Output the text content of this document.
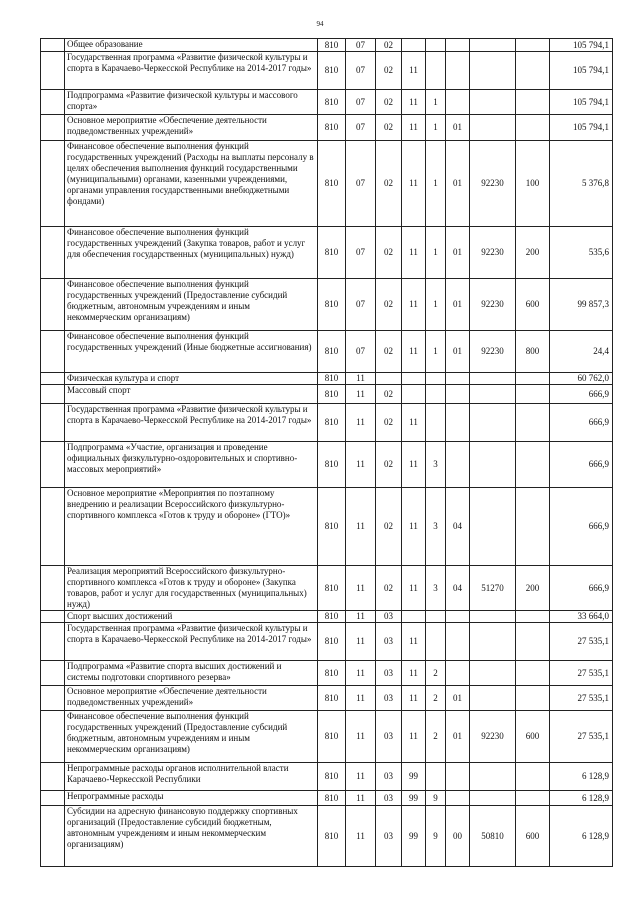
94
	Общее образование	810	07	02						105 794,1
	Государственная программа «Развитие физической культуры и спорта в Карачаево-Черкесской Республике на 2014-2017 годы»	810	07	02	11					105 794,1
	Подпрограмма «Развитие физической культуры и массового спорта»	810	07	02	11	1				105 794,1
	Основное мероприятие «Обеспечение деятельности подведомственных учреждений»	810	07	02	11	1	01			105 794,1
	Финансовое обеспечение выполнения функций государственных учреждений (Расходы на выплаты персоналу в целях обеспечения выполнения функций государственными (муниципальными) органами, казенными учреждениями, органами управления государственными внебюджетными фондами)	810	07	02	11	1	01	92230	100	5 376,8
	Финансовое обеспечение выполнения функций государственных учреждений (Закупка товаров, работ и услуг для обеспечения государственных (муниципальных) нужд)	810	07	02	11	1	01	92230	200	535,6
	Финансовое обеспечение выполнения функций государственных учреждений (Предоставление субсидий бюджетным, автономным учреждениям и иным некоммерческим организациям)	810	07	02	11	1	01	92230	600	99 857,3
	Финансовое обеспечение выполнения функций государственных учреждений (Иные бюджетные ассигнования)	810	07	02	11	1	01	92230	800	24,4
	Физическая культура и спорт	810	11							60 762,0
	Массовый спорт	810	11	02						666,9
	Государственная программа «Развитие физической культуры и спорта в Карачаево-Черкесской Республике на 2014-2017 годы»	810	11	02	11					666,9
	Подпрограмма «Участие, организация и проведение официальных физкультурно-оздоровительных и спортивно-массовых мероприятий»	810	11	02	11	3				666,9
	Основное мероприятие «Мероприятия по поэтапному внедрению и реализации Всероссийского физкультурно-спортивного комплекса «Готов к труду и обороне» (ГТО)»	810	11	02	11	3	04			666,9
	Реализация мероприятий Всероссийского физкультурно-спортивного комплекса «Готов к труду и обороне» (Закупка товаров, работ и услуг для государственных (муниципальных) нужд)	810	11	02	11	3	04	51270	200	666,9
	Спорт высших достижений	810	11	03						33 664,0
	Государственная программа «Развитие физической культуры и спорта в Карачаево-Черкесской Республике на 2014-2017 годы»	810	11	03	11					27 535,1
	Подпрограмма «Развитие спорта высших достижений и системы подготовки спортивного резерва»	810	11	03	11	2				27 535,1
	Основное мероприятие «Обеспечение деятельности подведомственных учреждений»	810	11	03	11	2	01			27 535,1
	Финансовое обеспечение выполнения функций государственных учреждений (Предоставление субсидий бюджетным, автономным учреждениям и иным некоммерческим организациям)	810	11	03	11	2	01	92230	600	27 535,1
	Непрограммные расходы органов исполнительной власти Карачаево-Черкесской Республики	810	11	03	99					6 128,9
	Непрограммные расходы	810	11	03	99	9				6 128,9
	Субсидии на адресную финансовую поддержку спортивных организаций (Предоставление субсидий бюджетным, автономным учреждениям и иным некоммерческим организациям)	810	11	03	99	9	00	50810	600	6 128,9
